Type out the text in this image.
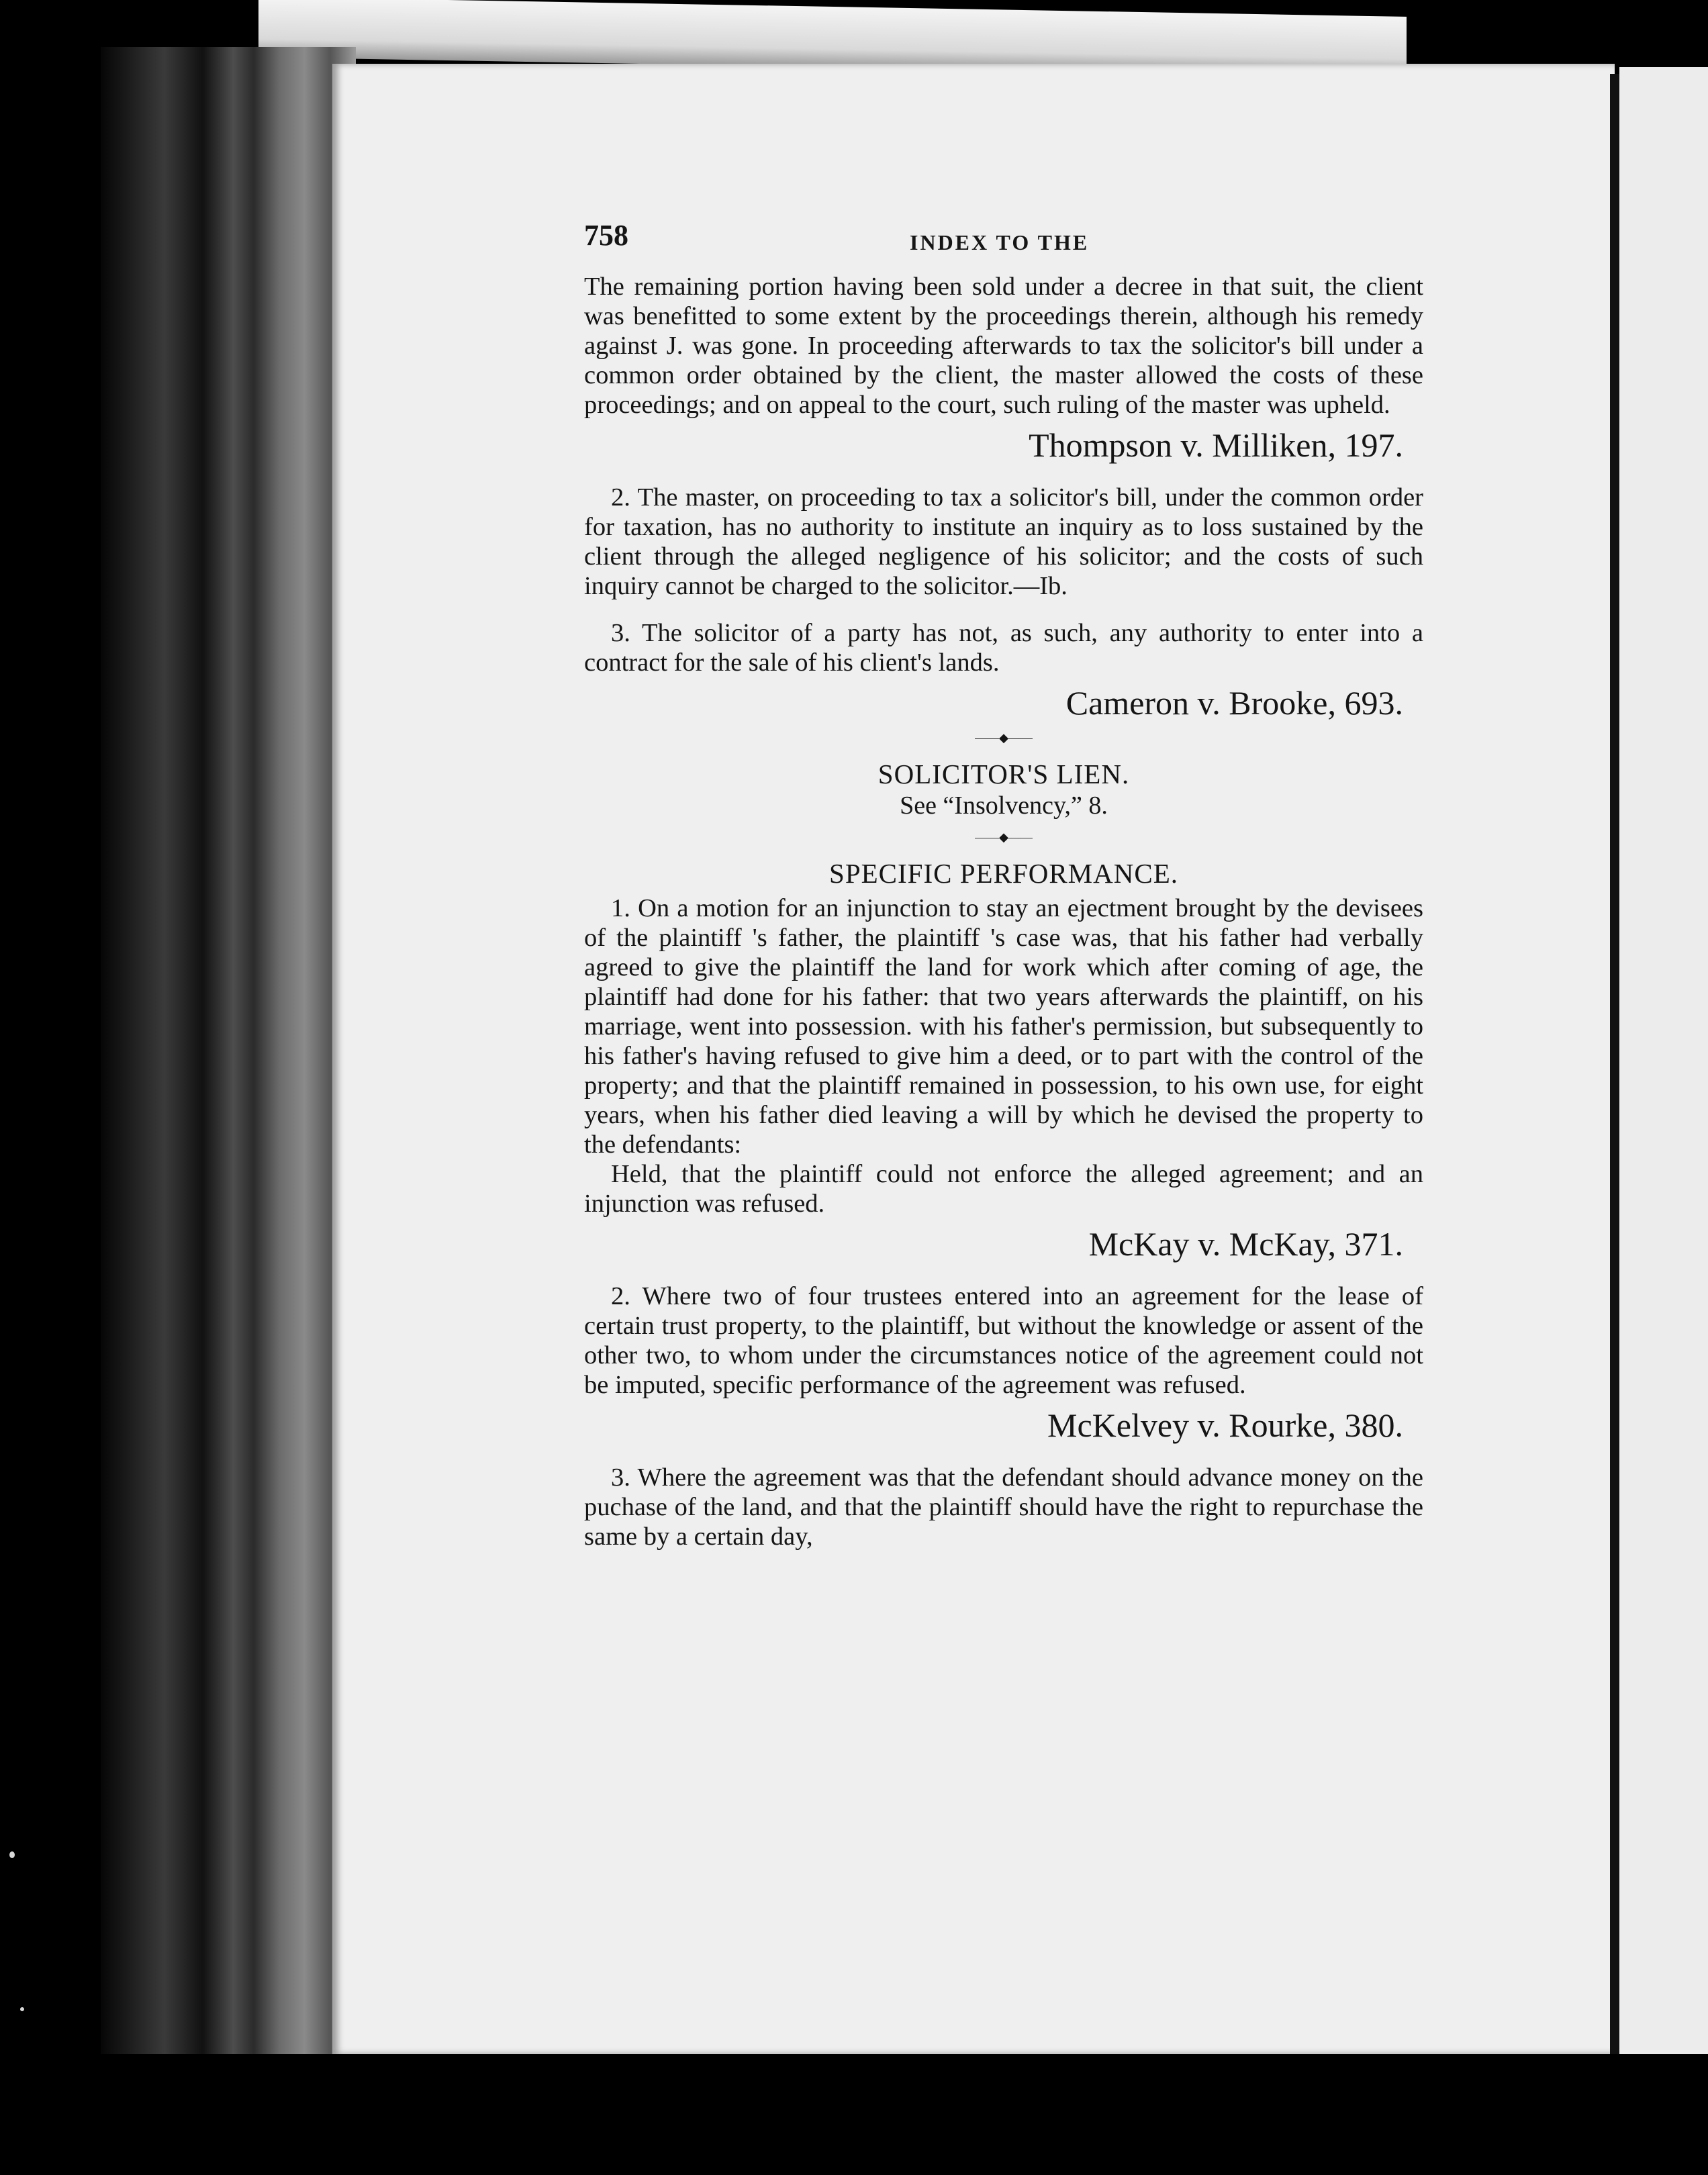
758	INDEX TO THE

The remaining portion having been sold under a decree in that suit, the client was benefitted to some extent by the proceedings therein, although his remedy against J. was gone. In proceeding afterwards to tax the solicitor's bill under a common order obtained by the client, the master allowed the costs of these proceedings; and on appeal to the court, such ruling of the master was upheld.

Thompson v. Milliken, 197.

2. The master, on proceeding to tax a solicitor's bill, under the common order for taxation, has no authority to institute an inquiry as to loss sustained by the client through the alleged negligence of his solicitor; and the costs of such inquiry cannot be charged to the solicitor.—Ib.

3. The solicitor of a party has not, as such, any authority to enter into a contract for the sale of his client's lands.

Cameron v. Brooke, 693.
——◆——

SOLICITOR'S LIEN.

See “Insolvency,” 8.

——◆——

SPECIFIC PERFORMANCE.

1. On a motion for an injunction to stay an ejectment brought by the devisees of the plaintiff 's father, the plaintiff 's case was, that his father had verbally agreed to give the plaintiff the land for work which after coming of age, the plaintiff had done for his father: that two years afterwards the plaintiff, on his marriage, went into possession. with his father's permission, but subsequently to his father's having refused to give him a deed, or to part with the control of the property; and that the plaintiff remained in possession, to his own use, for eight years, when his father died leaving a will by which he devised the property to the defendants:

Held, that the plaintiff could not enforce the alleged agreement; and an injunction was refused.

McKay v. McKay, 371.

2. Where two of four trustees entered into an agreement for the lease of certain trust property, to the plaintiff, but without the knowledge or assent of the other two, to whom under the circumstances notice of the agreement could not be imputed, specific performance of the agreement was refused.

McKelvey v. Rourke, 380.

3. Where the agreement was that the defendant should advance money on the puchase of the land, and that the plaintiff should have the right to repurchase the same by a certain day,
